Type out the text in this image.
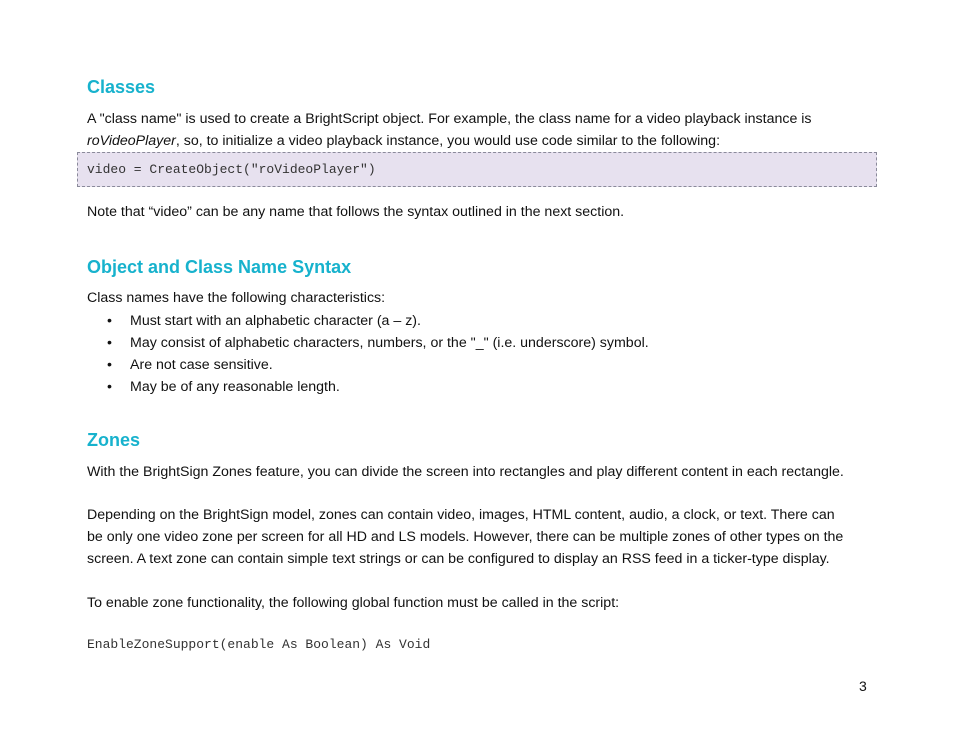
Classes

A "class name" is used to create a BrightScript object. For example, the class name for a video playback instance is

roVideoPlayer, so, to initialize a video playback instance, you would use code similar to the following:

video = CreateObject("roVideoPlayer")

Note that “video” can be any name that follows the syntax outlined in the next section.

Object and Class Name Syntax

Class names have the following characteristics:

• Must start with an alphabetic character (a – z).
• May consist of alphabetic characters, numbers, or the "_" (i.e. underscore) symbol.
• Are not case sensitive.
• May be of any reasonable length.
Zones

With the BrightSign Zones feature, you can divide the screen into rectangles and play different content in each rectangle.

Depending on the BrightSign model, zones can contain video, images, HTML content, audio, a clock, or text. There can

be only one video zone per screen for all HD and LS models. However, there can be multiple zones of other types on the

screen. A text zone can contain simple text strings or can be configured to display an RSS feed in a ticker-type display.

To enable zone functionality, the following global function must be called in the script:

EnableZoneSupport(enable As Boolean) As Void
3
